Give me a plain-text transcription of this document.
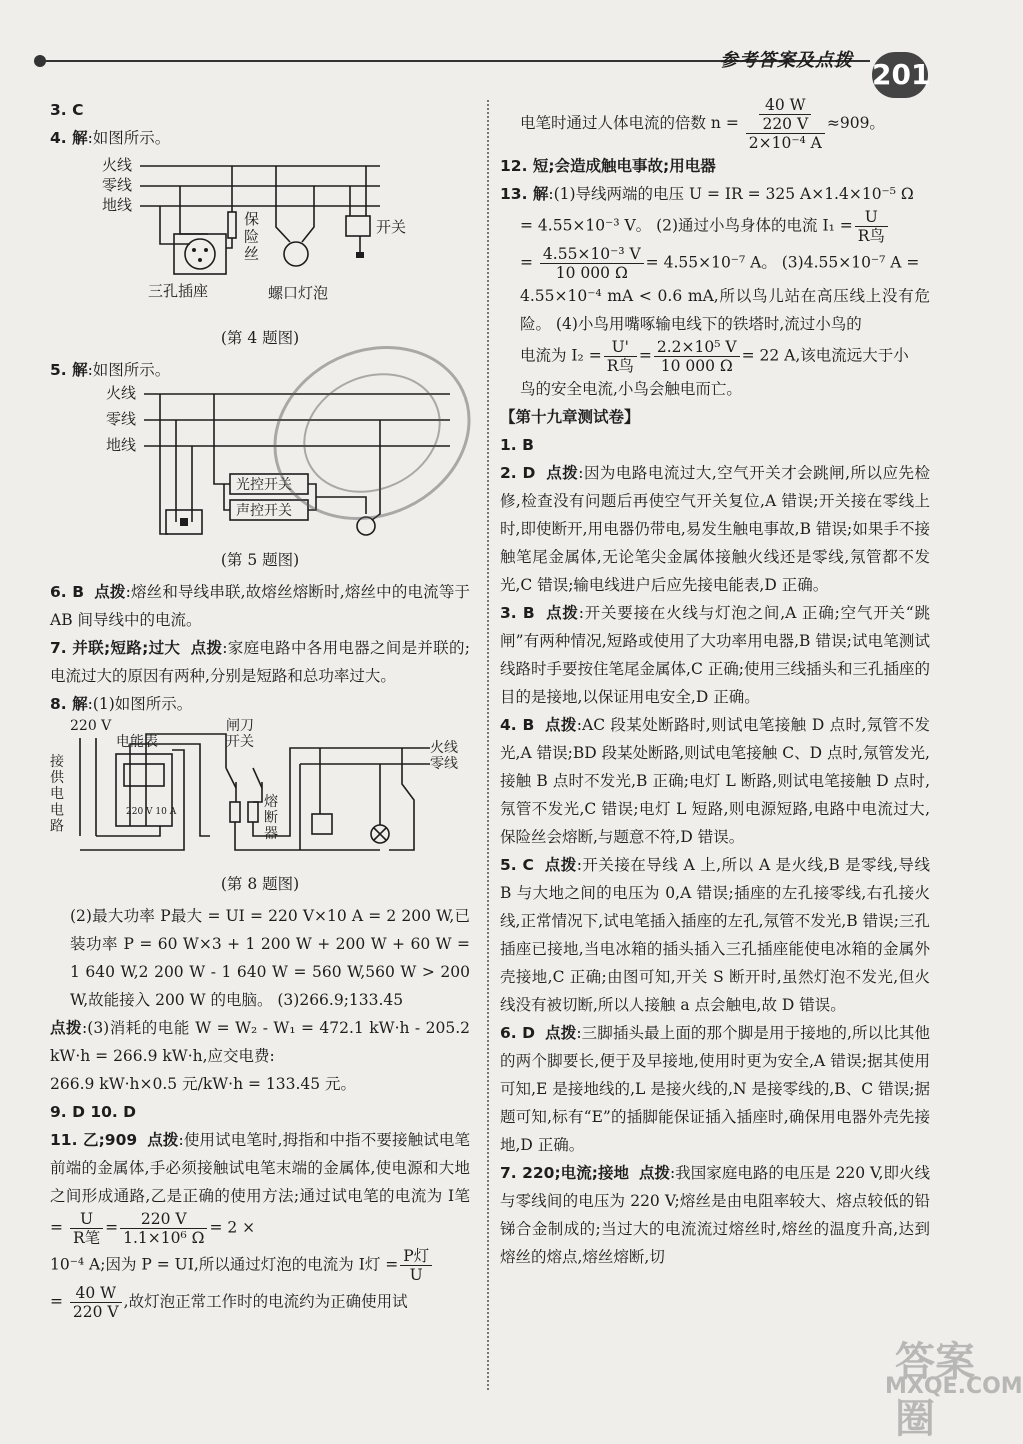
参考答案及点拨 201

3. C

4. 解:如图所示。

火线
零线
地线
保险丝
开关
三孔插座	螺口灯泡

(第 4 题图)

5. 解:如图所示。

火线
零线
地线
光控开关
声控开关

(第 5 题图)

6. B 点拨:熔丝和导线串联,故熔丝熔断时,熔丝中的电流等于 AB 间导线中的电流。

7. 并联;短路;过大 点拨:家庭电路中各用电器之间是并联的;电流过大的原因有两种,分别是短路和总功率过大。

8. 解:(1)如图所示。

220 V
电能表
闸刀开关	火线
零线
熔断器
接供电电路
220 V 10 A

(第 8 题图)

(2)最大功率 P最大 = UI = 220 V×10 A = 2 200 W,已装功率 P = 60 W×3 + 1 200 W + 200 W + 60 W = 1 640 W,2 200 W - 1 640 W = 560 W,560 W > 200 W,故能接入 200 W 的电脑。 (3)266.9;133.45

点拨:(3)消耗的电能 W = W₂ - W₁ = 472.1 kW·h - 205.2 kW·h = 266.9 kW·h,应交电费:

266.9 kW·h×0.5 元/kW·h = 133.45 元。

9. D 10. D

11. 乙;909 点拨:使用试电笔时,拇指和中指不要接触试电笔前端的金属体,手必须接触试电笔末端的金属体,使电源和大地之间形成通路,乙是正确的使用方法;通过试电笔的电流为 I笔 = $\frac{U}{\text{R笔}} = \frac{220 V}{\text{1.1×10⁶ Ω}} = 2$ ×

10⁻⁴ A;因为 P = UI,所以通过灯泡的电流为 I灯 = $\frac{\text{P灯}}{U}$

= $\frac{40 W}{220 V}$ ,故灯泡正常工作时的电流约为正确使用试

电笔时通过人体电流的倍数 $n = \frac{\frac{40 W}{220 V}}{\text{2×10⁻⁴ A}} \approx 909$。

12. 短;会造成触电事故;用电器

13. 解:(1)导线两端的电压 U = IR = 325 A×1.4×10⁻⁵ Ω

= 4.55×10⁻³ V。 (2)通过小鸟身体的电流 $I_1 = \frac{U}{\text{R鸟}}$

= $\frac{\text{4.55×10⁻³ V}}{10 000 \Omega} = 4.55\times 10^{-7}$ A。 (3)4.55×10⁻⁷ A =

4.55×10⁻⁴ mA < 0.6 mA,所以鸟儿站在高压线上没有危险。 (4)小鸟用嘴啄输电线下的铁塔时,流过小鸟的

电流为 $I_2 = \frac{U'}{\text{R鸟}} = \frac{\text{2.2×10⁵ V}}{10 000 \Omega} = 22$ A,该电流远大于小

鸟的安全电流,小鸟会触电而亡。

【第十九章测试卷】

1. B

2. D 点拨:因为电路电流过大,空气开关才会跳闸,所以应先检修,检查没有问题后再使空气开关复位,A 错误;开关接在零线上时,即使断开,用电器仍带电,易发生触电事故,B 错误;如果手不接触笔尾金属体,无论笔尖金属体接触火线还是零线,氖管都不发光,C 错误;输电线进户后应先接电能表,D 正确。

3. B 点拨:开关要接在火线与灯泡之间,A 正确;空气开关“跳闸”有两种情况,短路或使用了大功率用电器,B 错误;试电笔测试线路时手要按住笔尾金属体,C 正确;使用三线插头和三孔插座的目的是接地,以保证用电安全,D 正确。

4. B 点拨:AC 段某处断路时,则试电笔接触 D 点时,氖管不发光,A 错误;BD 段某处断路,则试电笔接触 C、D 点时,氖管发光,接触 B 点时不发光,B 正确;电灯 L 断路,则试电笔接触 D 点时,氖管不发光,C 错误;电灯 L 短路,则电源短路,电路中电流过大,保险丝会熔断,与题意不符,D 错误。

5. C 点拨:开关接在导线 A 上,所以 A 是火线,B 是零线,导线 B 与大地之间的电压为 0,A 错误;插座的左孔接零线,右孔接火线,正常情况下,试电笔插入插座的左孔,氖管不发光,B 错误;三孔插座已接地,当电冰箱的插头插入三孔插座能使电冰箱的金属外壳接地,C 正确;由图可知,开关 S 断开时,虽然灯泡不发光,但火线没有被切断,所以人接触 a 点会触电,故 D 错误。

6. D 点拨:三脚插头最上面的那个脚是用于接地的,所以比其他的两个脚要长,便于及早接地,使用时更为安全,A 错误;据其使用可知,E 是接地线的,L 是接火线的,N 是接零线的,B、C 错误;据题可知,标有“E”的插脚能保证插入插座时,确保用电器外壳先接地,D 正确。

7. 220;电流;接地 点拨:我国家庭电路的电压是 220 V,即火线与零线间的电压为 220 V;熔丝是由电阻率较大、熔点较低的铅锑合金制成的;当过大的电流流过熔丝时,熔丝的温度升高,达到熔丝的熔点,熔丝熔断,切

答案圈
MXQE.COM
